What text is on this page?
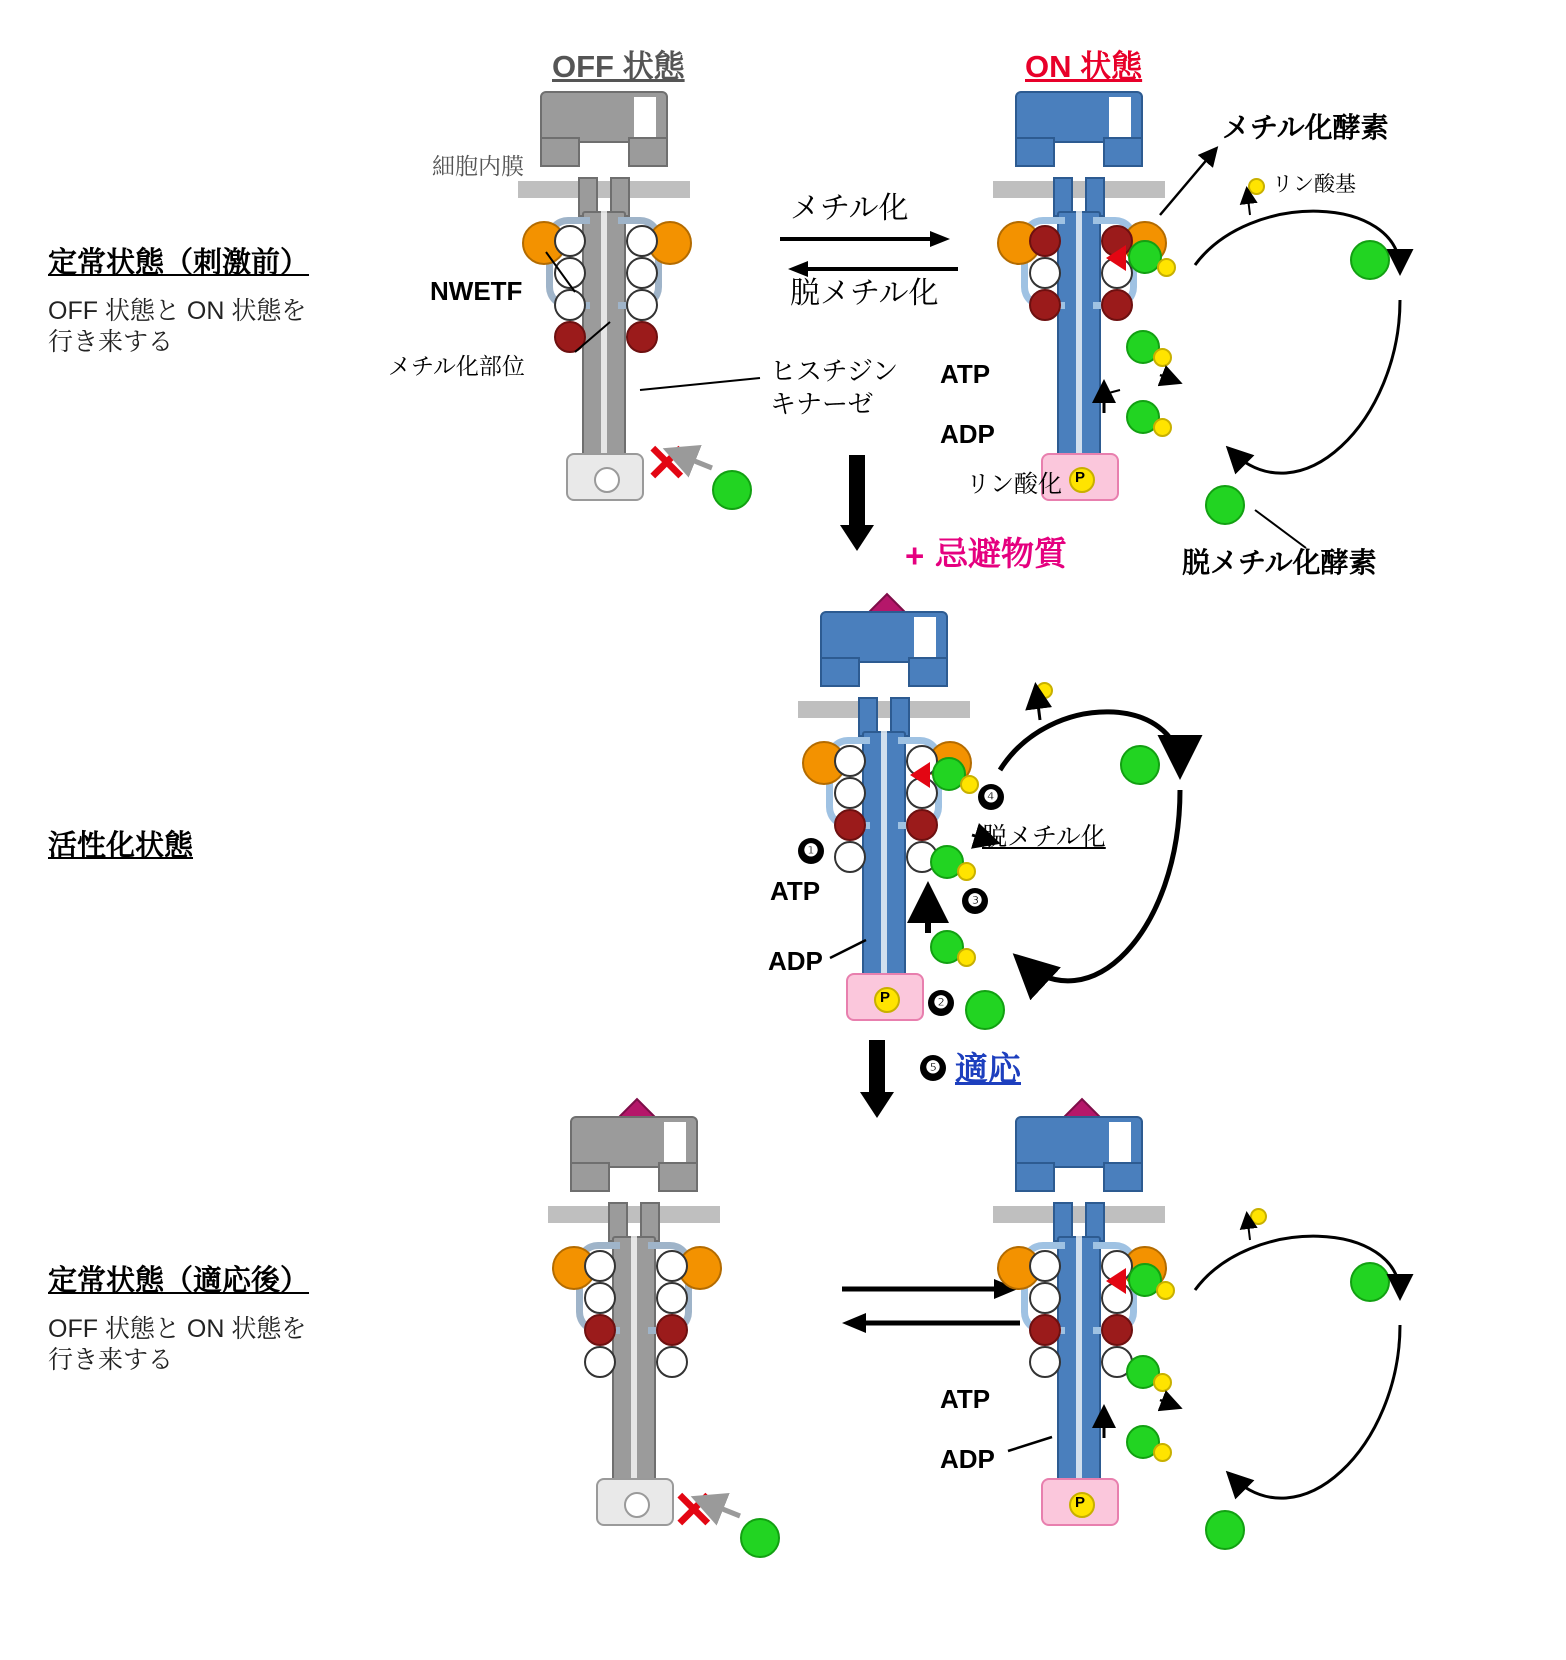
定常状態（刺激前）
OFF 状態と ON 状態を
行き来する
OFF 状態	ON 状態
細胞内膜
NWETF
メチル化部位	ヒスチジン
キナーゼ
✕
メチル化
脱メチル化
P
ATP
ADP
リン酸化
メチル化酵素
リン酸基
脱メチル化酵素
+ 忌避物質
活性化状態
P
ATP
ADP
❶
❷
❸
❹
脱メチル化
❺ 適応
定常状態（適応後）
OFF 状態と ON 状態を
行き来する
✕	P
ATP
ADP
